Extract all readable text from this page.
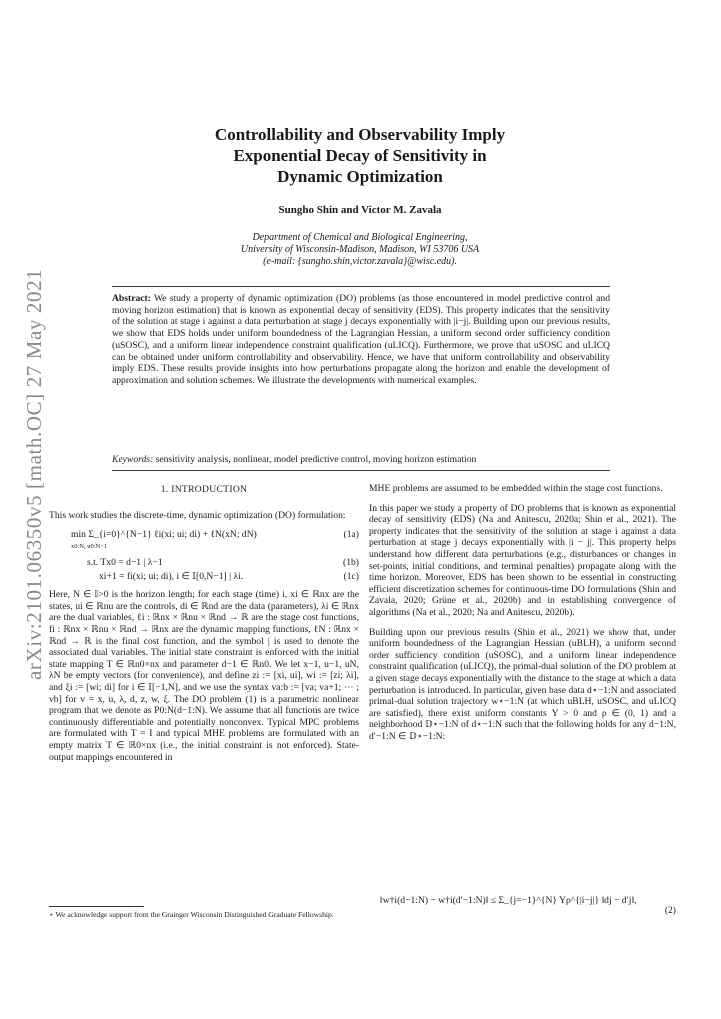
arXiv:2101.06350v5 [math.OC] 27 May 2021
Controllability and Observability Imply
Exponential Decay of Sensitivity in
Dynamic Optimization
Sungho Shin and Victor M. Zavala
Department of Chemical and Biological Engineering,
University of Wisconsin-Madison, Madison, WI 53706 USA
(e-mail: {sungho.shin,victor.zavala}@wisc.edu).
Abstract: We study a property of dynamic optimization (DO) problems (as those encountered in model predictive control and moving horizon estimation) that is known as exponential decay of sensitivity (EDS). This property indicates that the sensitivity of the solution at stage i against a data perturbation at stage j decays exponentially with |i−j|. Building upon our previous results, we show that EDS holds under uniform boundedness of the Lagrangian Hessian, a uniform second order sufficiency condition (uSOSC), and a uniform linear independence constraint qualification (uLICQ). Furthermore, we prove that uSOSC and uLICQ can be obtained under uniform controllability and observability. Hence, we have that uniform controllability and observability imply EDS. These results provide insights into how perturbations propagate along the horizon and enable the development of approximation and solution schemes. We illustrate the developments with numerical examples.
Keywords: sensitivity analysis, nonlinear, model predictive control, moving horizon estimation

1. INTRODUCTION

This work studies the discrete-time, dynamic optimization (DO) formulation:

min Σ_{i=0}^{N−1} ℓi(xi; ui; di) + ℓN(xN; dN)
x0:N, u0:N−1
(1a)
s.t. Tx0 = d−1 | λ−1	(1b)
xi+1 = fi(xi; ui; di), i ∈ 𝕀[0,N−1] | λi.	(1c)

Here, N ∈ 𝕀>0 is the horizon length; for each stage (time) i, xi ∈ ℝnx are the states, ui ∈ ℝnu are the controls, di ∈ ℝnd are the data (parameters), λi ∈ ℝnx are the dual variables, ℓi : ℝnx × ℝnu × ℝnd → ℝ are the stage cost functions, fi : ℝnx × ℝnu × ℝnd → ℝnx are the dynamic mapping functions, ℓN : ℝnx × ℝnd → ℝ is the final cost function, and the symbol | is used to denote the associated dual variables. The initial state constraint is enforced with the initial state mapping T ∈ ℝn0×nx and parameter d−1 ∈ ℝn0. We let x−1, u−1, uN, λN be empty vectors (for convenience), and define zi := [xi, ui], wi := [zi; λi], and ξi := [wi; di] for i ∈ 𝕀[−1,N], and we use the syntax va:b := [va; va+1; ⋯ ; vb] for v = x, u, λ, d, z, w, ξ. The DO problem (1) is a parametric nonlinear program that we denote as P0:N(d−1:N). We assume that all functions are twice continuously differentiable and potentially nonconvex. Typical MPC problems are formulated with T = I and typical MHE problems are formulated with an empty matrix T ∈ ℝ0×nx (i.e., the initial constraint is not enforced). State-output mappings encountered in

MHE problems are assumed to be embedded within the stage cost functions.

In this paper we study a property of DO problems that is known as exponential decay of sensitivity (EDS) (Na and Anitescu, 2020a; Shin et al., 2021). The property indicates that the sensitivity of the solution at stage i against a data perturbation at stage j decays exponentially with |i − j|. This property helps understand how different data perturbations (e.g., disturbances or changes in set-points, initial conditions, and terminal penalties) propagate along with the time horizon. Moreover, EDS has been shown to be essential in constructing efficient discretization schemes for continuous-time DO formulations (Shin and Zavala, 2020; Grüne et al., 2020b) and in establishing convergence of algorithms (Na et al., 2020; Na and Anitescu, 2020b).

Building upon our previous results (Shin et al., 2021) we show that, under uniform boundedness of the Lagrangian Hessian (uBLH), a uniform second order sufficiency condition (uSOSC), and a uniform linear independence constraint qualification (uLICQ), the primal-dual solution of the DO problem at a given stage decays exponentially with the distance to the stage at which a data perturbation is introduced. In particular, given base data d⋆−1:N and associated primal-dual solution trajectory w⋆−1:N (at which uBLH, uSOSC, and uLICQ are satisfied), there exist uniform constants Υ > 0 and ρ ∈ (0, 1) and a neighborhood 𝔻⋆−1:N of d⋆−1:N such that the following holds for any d−1:N, d′−1:N ∈ 𝔻⋆−1:N:

‖w†i(d−1:N) − w†i(d′−1:N)‖ ≤ Σ_{j=−1}^{N} Υρ^{|i−j|} ‖dj − d′j‖,
(2)
⋆ We acknowledge support from the Grainger Wisconsin Distinguished Graduate Fellowship.
